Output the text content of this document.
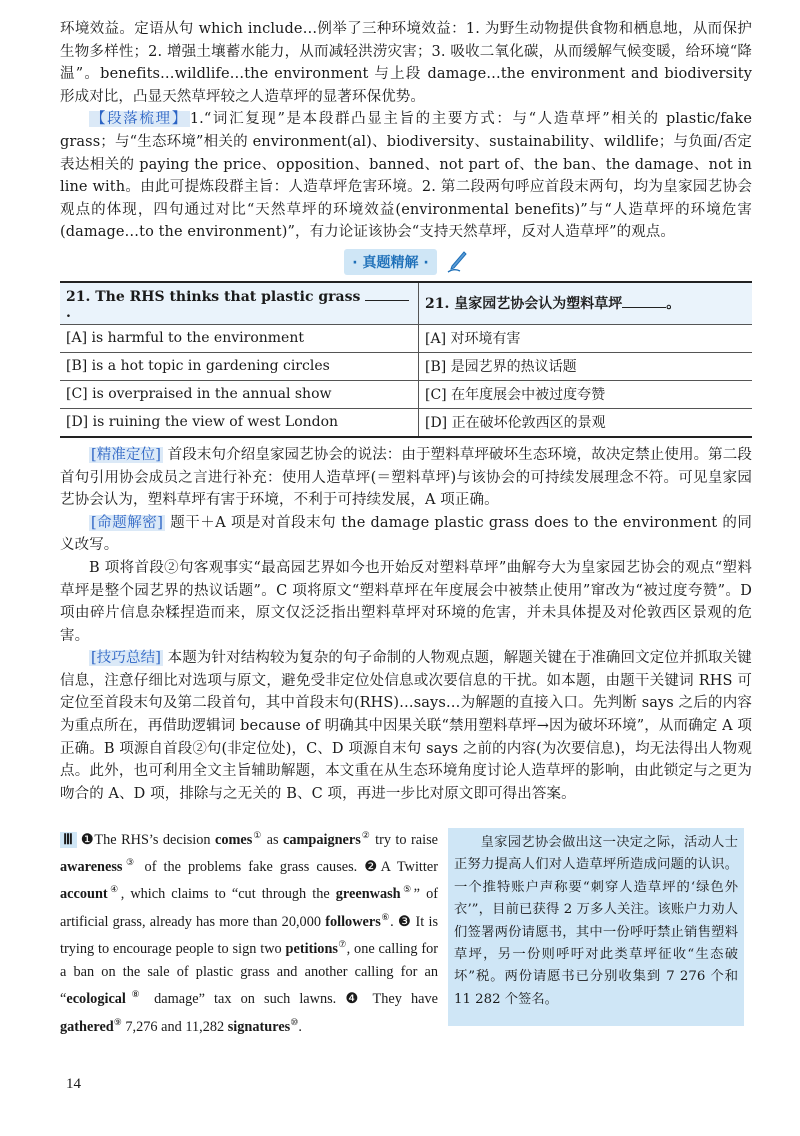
环境效益。定语从句 which include…例举了三种环境效益：1. 为野生动物提供食物和栖息地，从而保护生物多样性；2. 增强土壤蓄水能力，从而减轻洪涝灾害；3. 吸收二氧化碳，从而缓解气候变暖，给环境“降温”。benefits…wildlife…the environment 与上段 damage…the environment and biodiversity 形成对比，凸显天然草坪较之人造草坪的显著环保优势。

【段落梳理】 1.“词汇复现”是本段群凸显主旨的主要方式：与“人造草坪”相关的 plastic/fake grass；与“生态环境”相关的 environment(al)、biodiversity、sustainability、wildlife；与负面/否定表达相关的 paying the price、opposition、banned、not part of、the ban、the damage、not in line with。由此可提炼段群主旨：人造草坪危害环境。2. 第二段两句呼应首段末两句，均为皇家园艺协会观点的体现，四句通过对比“天然草坪的环境效益(environmental benefits)”与“人造草坪的环境危害(damage…to the environment)”，有力论证该协会“支持天然草坪，反对人造草坪”的观点。

· 真题精解 ·
21. The RHS thinks that plastic grass .	21. 皇家园艺协会认为塑料草坪 。
[A] is harmful to the environment	[A] 对环境有害
[B] is a hot topic in gardening circles	[B] 是园艺界的热议话题
[C] is overpraised in the annual show	[C] 在年度展会中被过度夸赞
[D] is ruining the view of west London	[D] 正在破坏伦敦西区的景观

[精准定位] 首段末句介绍皇家园艺协会的说法：由于塑料草坪破坏生态环境，故决定禁止使用。第二段首句引用协会成员之言进行补充：使用人造草坪(＝塑料草坪)与该协会的可持续发展理念不符。可见皇家园艺协会认为，塑料草坪有害于环境，不利于可持续发展，A 项正确。

[命题解密] 题干＋A 项是对首段末句 the damage plastic grass does to the environment 的同义改写。

B 项将首段②句客观事实“最高园艺界如今也开始反对塑料草坪”曲解夸大为皇家园艺协会的观点“塑料草坪是整个园艺界的热议话题”。C 项将原文“塑料草坪在年度展会中被禁止使用”窜改为“被过度夸赞”。D 项由碎片信息杂糅捏造而来，原文仅泛泛指出塑料草坪对环境的危害，并未具体提及对伦敦西区景观的危害。

[技巧总结] 本题为针对结构较为复杂的句子命制的人物观点题，解题关键在于准确回文定位并抓取关键信息，注意仔细比对选项与原文，避免受非定位处信息或次要信息的干扰。如本题，由题干关键词 RHS 可定位至首段末句及第二段首句，其中首段末句(RHS)…says…为解题的直接入口。先判断 says 之后的内容为重点所在，再借助逻辑词 because of 明确其中因果关联“禁用塑料草坪→因为破坏环境”，从而确定 A 项正确。B 项源自首段②句(非定位处)，C、D 项源自末句 says 之前的内容(为次要信息)，均无法得出人物观点。此外，也可利用全文主旨辅助解题，本文重在从生态环境角度讨论人造草坪的影响，由此锁定与之更为吻合的 A、D 项，排除与之无关的 B、C 项，再进一步比对原文即可得出答案。

Ⅲ ❶The RHS’s decision comes① as campaigners② try to raise awareness③ of the problems fake grass causes. ❷A Twitter account④, which claims to “cut through the greenwash⑤” of artificial grass, already has more than 20,000 followers⑥. ❸ It is trying to encourage people to sign two petitions⑦, one calling for a ban on the sale of plastic grass and another calling for an “ecological⑧ damage” tax on such lawns. ❹ They have gathered⑨ 7,276 and 11,282 signatures⑩.
皇家园艺协会做出这一决定之际，活动人士正努力提高人们对人造草坪所造成问题的认识。一个推特账户声称要“刺穿人造草坪的‘绿色外衣’”，目前已获得 2 万多人关注。该账户力劝人们签署两份请愿书，其中一份呼吁禁止销售塑料草坪，另一份则呼吁对此类草坪征收“生态破坏”税。两份请愿书已分别收集到 7 276 个和 11 282 个签名。
14
